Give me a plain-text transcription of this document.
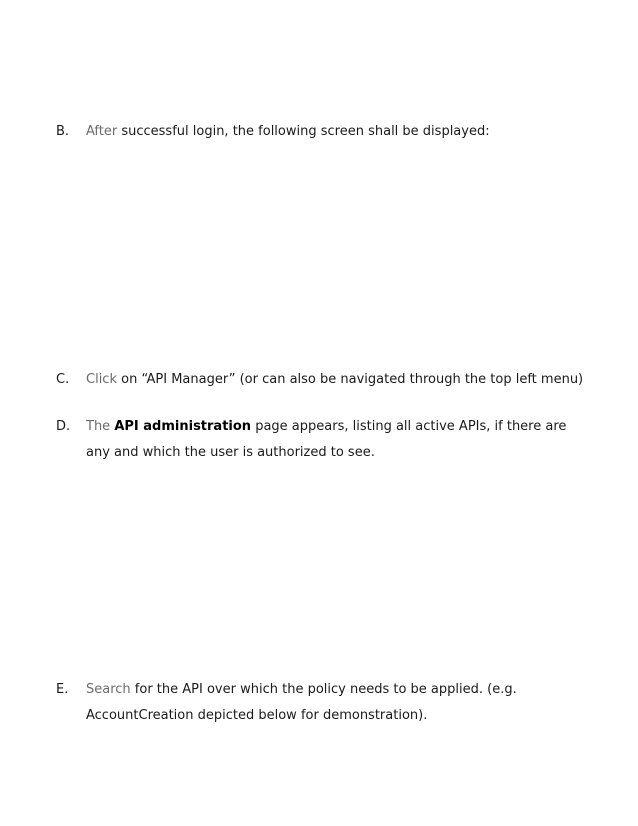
B.	After successful login, the following screen shall be displayed:
C.	Click on “API Manager” (or can also be navigated through the top left menu)
D.	The API administration page appears, listing all active APIs, if there are any and which the user is authorized to see.
E.	Search for the API over which the policy needs to be applied. (e.g. AccountCreation depicted below for demonstration).
